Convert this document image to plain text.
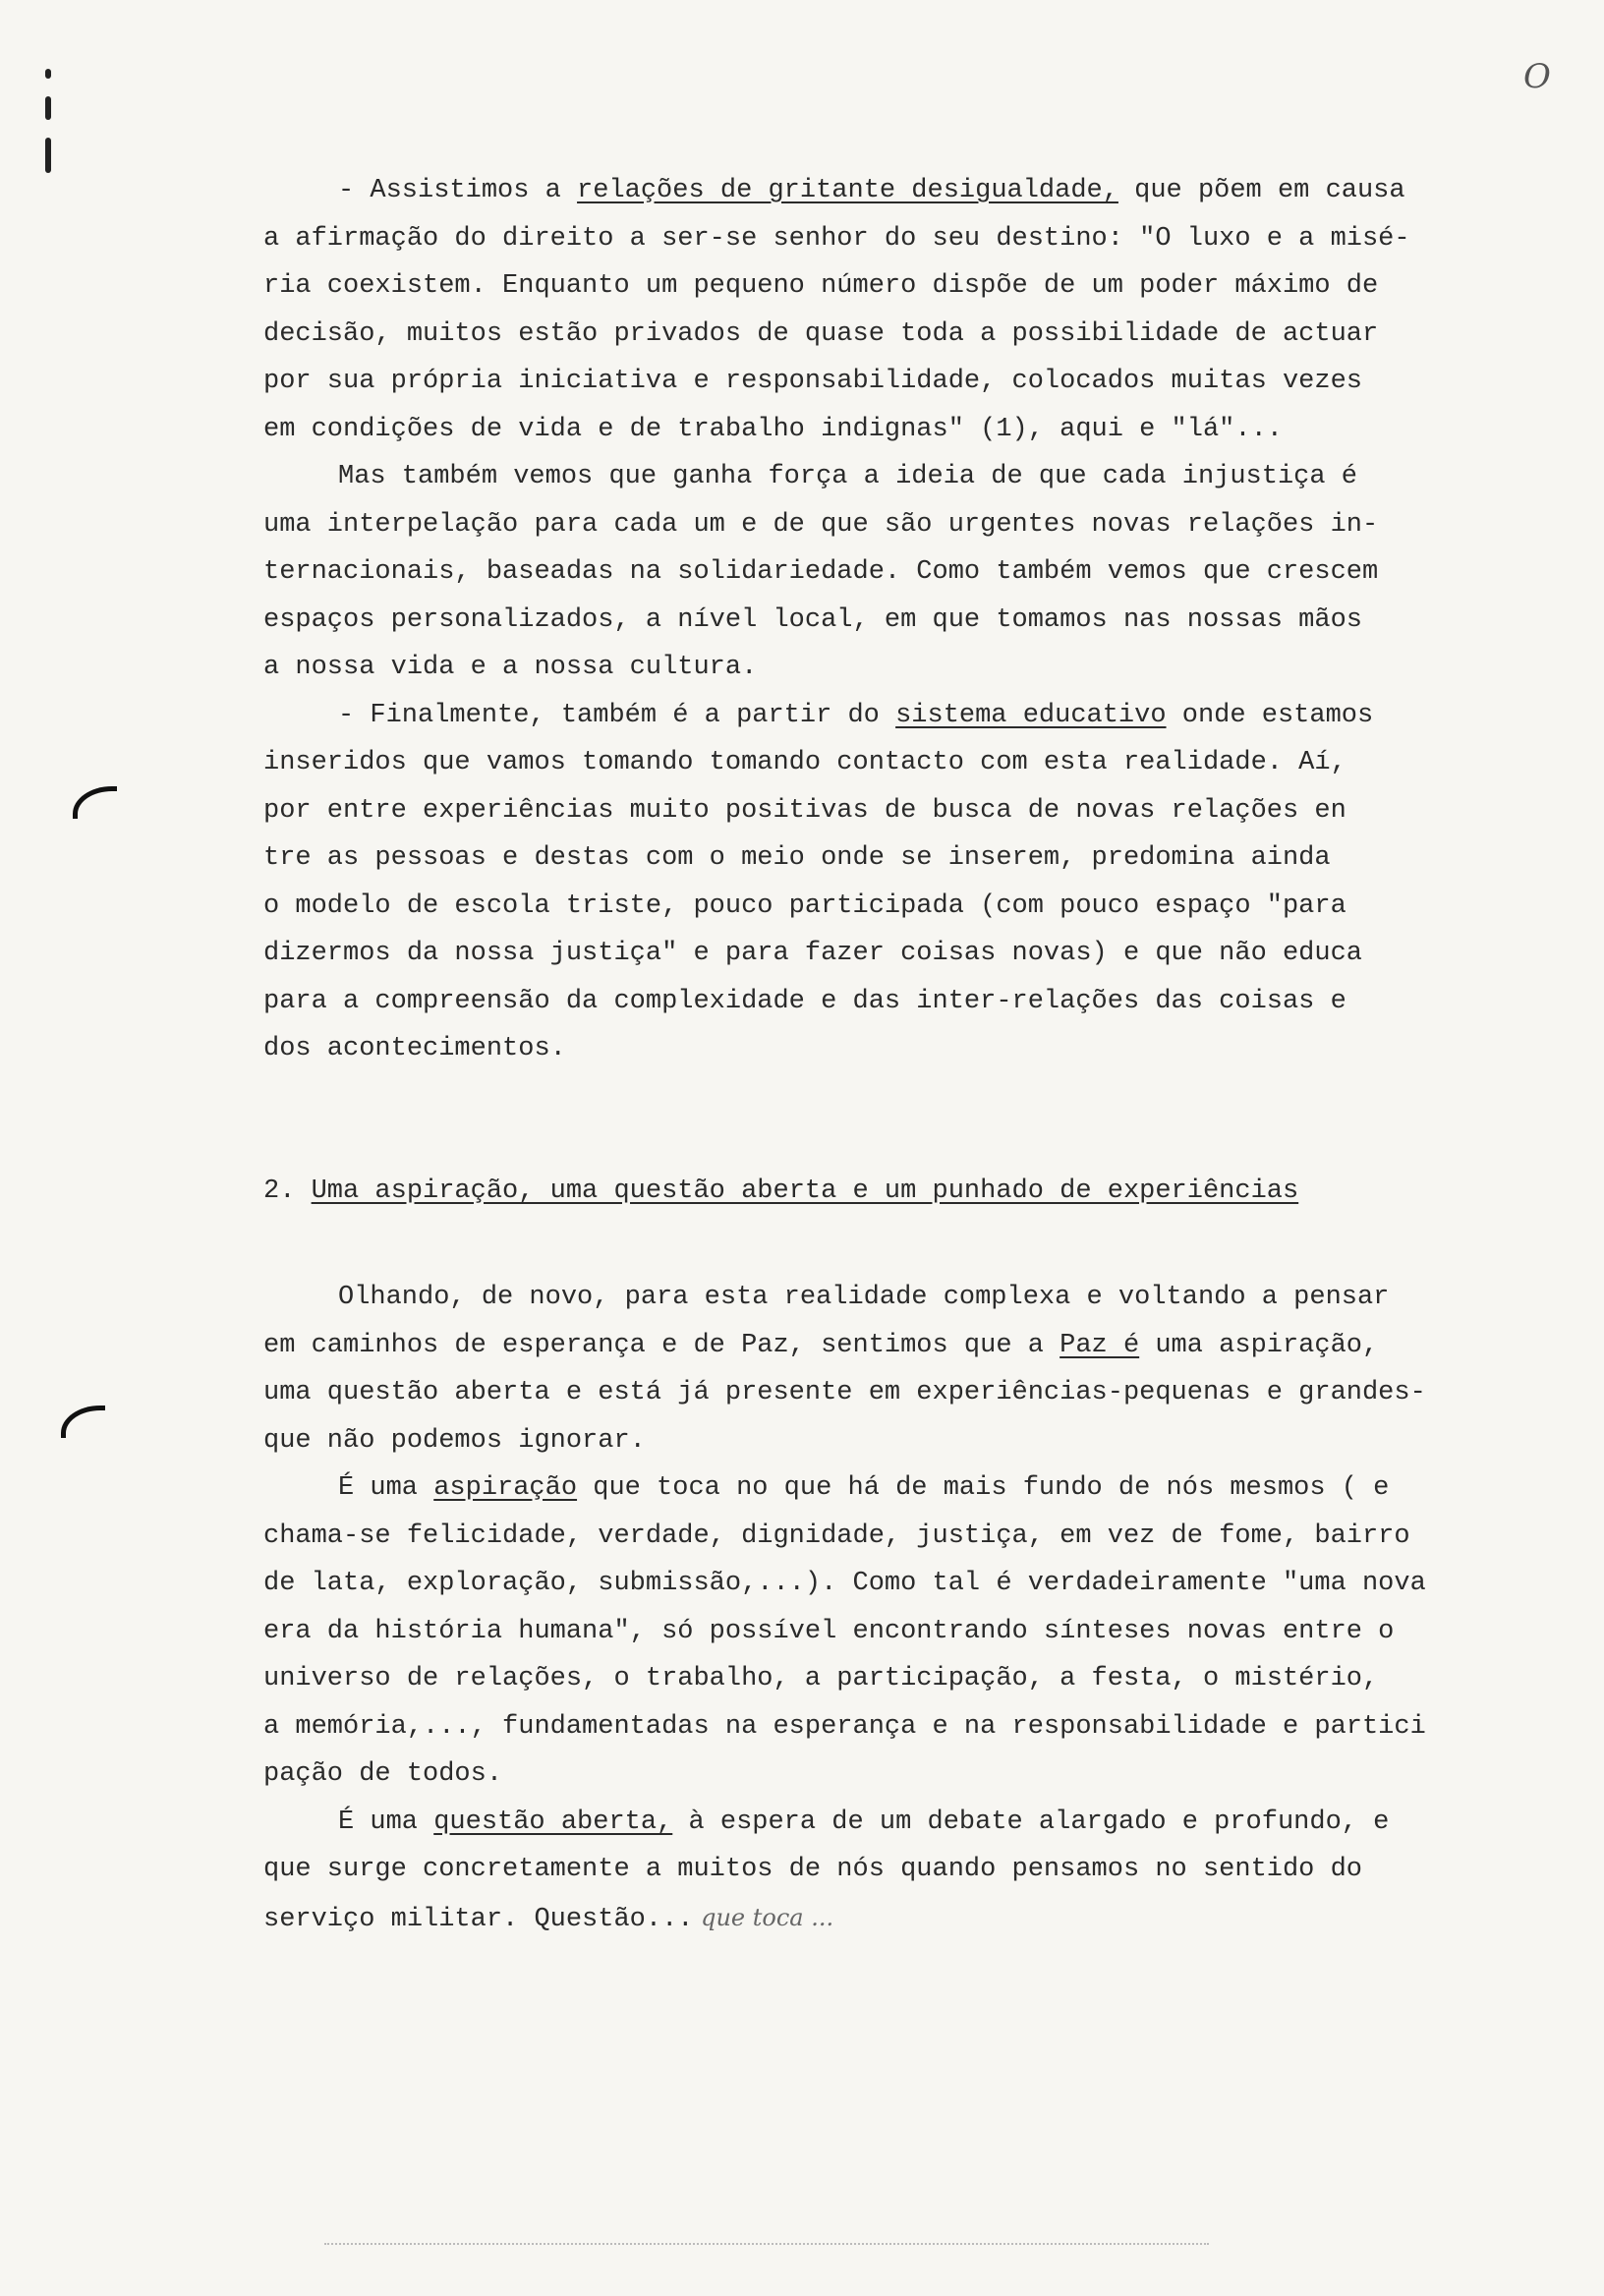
O
- Assistimos a relações de gritante desigualdade, que põem em causa
a afirmação do direito a ser-se senhor do seu destino: "O luxo e a misé-
ria coexistem. Enquanto um pequeno número dispõe de um poder máximo de
decisão, muitos estão privados de quase toda a possibilidade de actuar
por sua própria iniciativa e responsabilidade, colocados muitas vezes
em condições de vida e de trabalho indignas" (1), aqui e "lá"...
Mas também vemos que ganha força a ideia de que cada injustiça é
uma interpelação para cada um e de que são urgentes novas relações in-
ternacionais, baseadas na solidariedade. Como também vemos que crescem
espaços personalizados, a nível local, em que tomamos nas nossas mãos
a nossa vida e a nossa cultura.
- Finalmente, também é a partir do sistema educativo onde estamos
inseridos que vamos tomando tomando contacto com esta realidade. Aí,
por entre experiências muito positivas de busca de novas relações en
tre as pessoas e destas com o meio onde se inserem, predomina ainda
o modelo de escola triste, pouco participada (com pouco espaço "para
dizermos da nossa justiça" e para fazer coisas novas) e que não educa
para a compreensão da complexidade e das inter-relações das coisas e
dos acontecimentos.
2. Uma aspiração, uma questão aberta e um punhado de experiências
Olhando, de novo, para esta realidade complexa e voltando a pensar
em caminhos de esperança e de Paz, sentimos que a Paz é uma aspiração,
uma questão aberta e está já presente em experiências-pequenas e grandes-
que não podemos ignorar.
É uma aspiração que toca no que há de mais fundo de nós mesmos ( e
chama-se felicidade, verdade, dignidade, justiça, em vez de fome, bairro
de lata, exploração, submissão,...). Como tal é verdadeiramente "uma nova
era da história humana", só possível encontrando sínteses novas entre o
universo de relações, o trabalho, a participação, a festa, o mistério,
a memória,..., fundamentadas na esperança e na responsabilidade e partici
pação de todos.
É uma questão aberta, à espera de um debate alargado e profundo, e
que surge concretamente a muitos de nós quando pensamos no sentido do
serviço militar. Questão... que toca ...
